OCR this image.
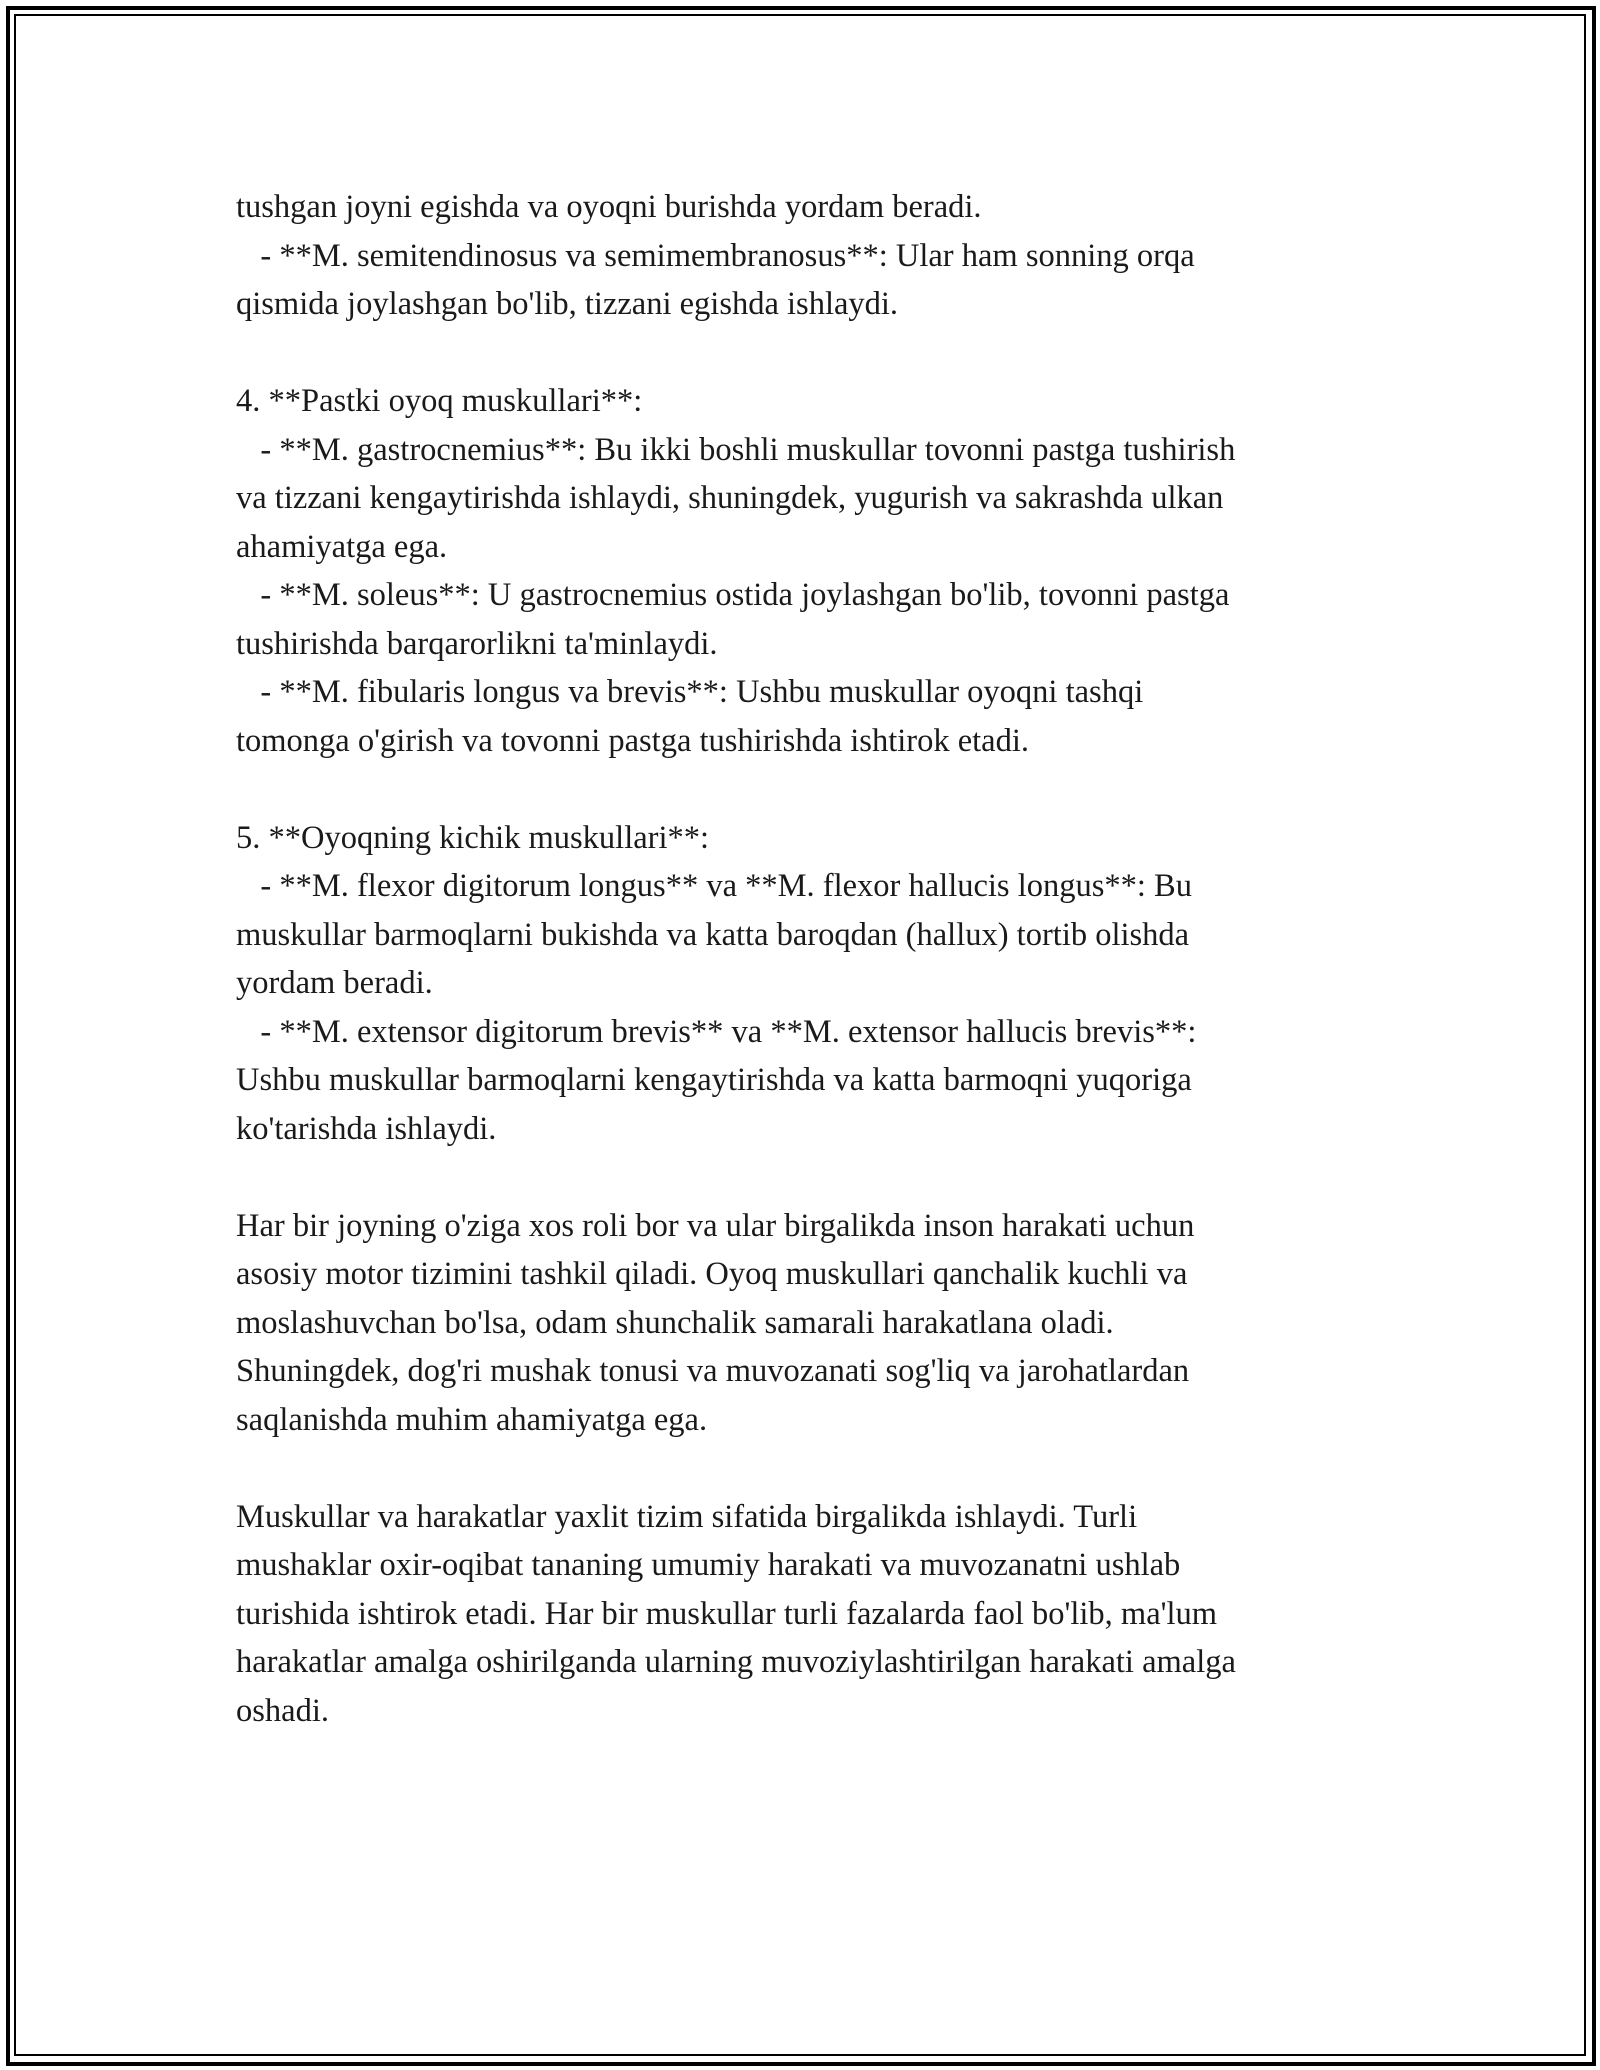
tushgan joyni egishda va oyoqni burishda yordam beradi.
- **M. semitendinosus va semimembranosus**: Ular ham sonning orqa
qismida joylashgan bo'lib, tizzani egishda ishlaydi.
4. **Pastki oyoq muskullari**:
- **M. gastrocnemius**: Bu ikki boshli muskullar tovonni pastga tushirish
va tizzani kengaytirishda ishlaydi, shuningdek, yugurish va sakrashda ulkan
ahamiyatga ega.
- **M. soleus**: U gastrocnemius ostida joylashgan bo'lib, tovonni pastga
tushirishda barqarorlikni ta'minlaydi.
- **M. fibularis longus va brevis**: Ushbu muskullar oyoqni tashqi
tomonga o'girish va tovonni pastga tushirishda ishtirok etadi.
5. **Oyoqning kichik muskullari**:
- **M. flexor digitorum longus** va **M. flexor hallucis longus**: Bu
muskullar barmoqlarni bukishda va katta baroqdan (hallux) tortib olishda
yordam beradi.
- **M. extensor digitorum brevis** va **M. extensor hallucis brevis**:
Ushbu muskullar barmoqlarni kengaytirishda va katta barmoqni yuqoriga
ko'tarishda ishlaydi.
Har bir joyning o'ziga xos roli bor va ular birgalikda inson harakati uchun
asosiy motor tizimini tashkil qiladi. Oyoq muskullari qanchalik kuchli va
moslashuvchan bo'lsa, odam shunchalik samarali harakatlana oladi.
Shuningdek, dog'ri mushak tonusi va muvozanati sog'liq va jarohatlardan
saqlanishda muhim ahamiyatga ega.
Muskullar va harakatlar yaxlit tizim sifatida birgalikda ishlaydi. Turli
mushaklar oxir-oqibat tananing umumiy harakati va muvozanatni ushlab
turishida ishtirok etadi. Har bir muskullar turli fazalarda faol bo'lib, ma'lum
harakatlar amalga oshirilganda ularning muvoziylashtirilgan harakati amalga
oshadi.
